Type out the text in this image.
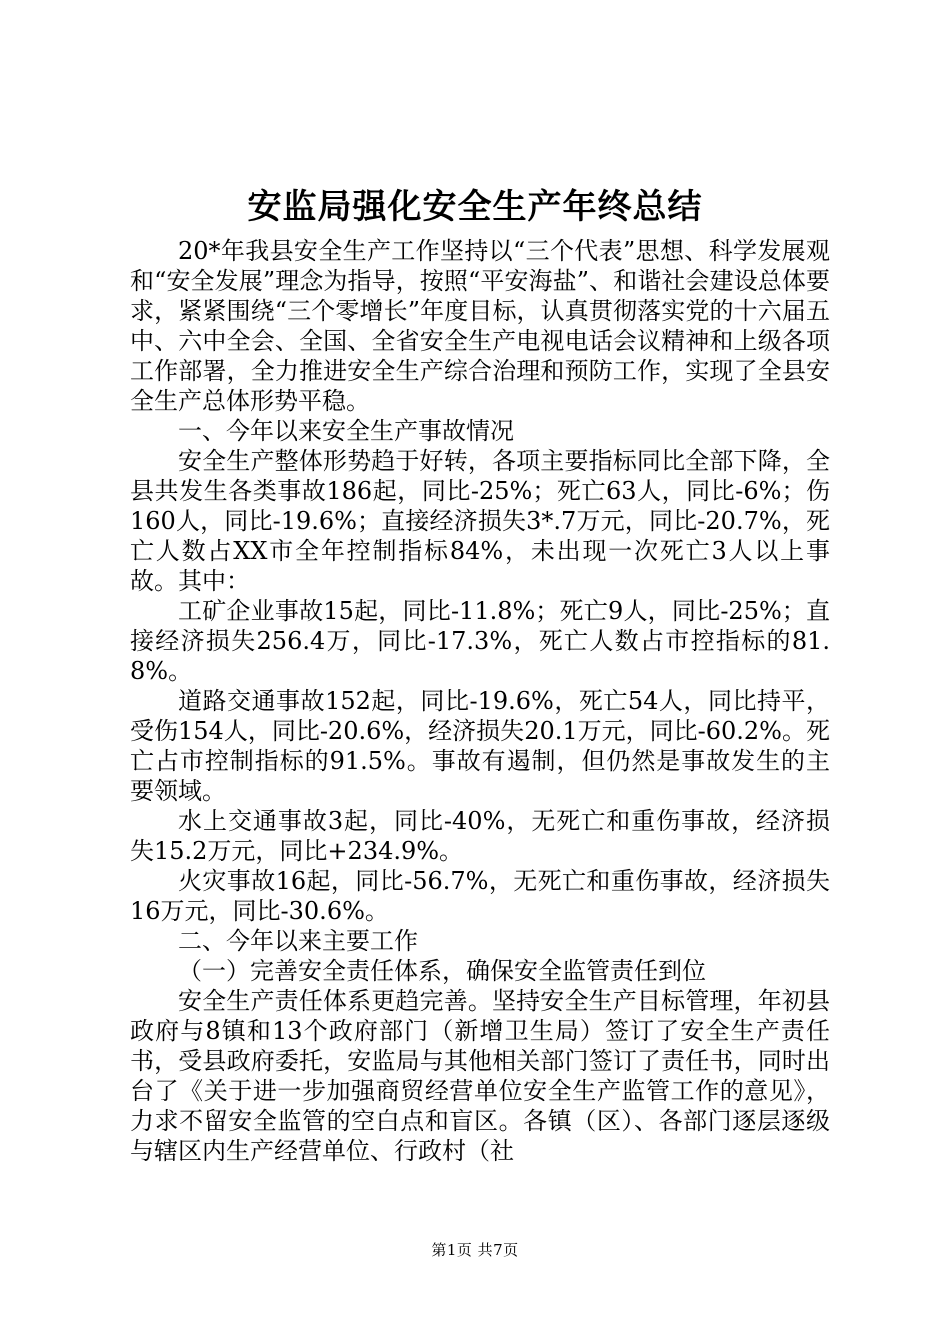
安监局强化安全生产年终总结

20*年我县安全生产工作坚持以“三个代表”思想、科学发展观和“安全发展”理念为指导，按照“平安海盐”、和谐社会建设总体要求，紧紧围绕“三个零增长”年度目标，认真贯彻落实党的十六届五中、六中全会、全国、全省安全生产电视电话会议精神和上级各项工作部署，全力推进安全生产综合治理和预防工作，实现了全县安全生产总体形势平稳。

一、今年以来安全生产事故情况

安全生产整体形势趋于好转，各项主要指标同比全部下降，全县共发生各类事故186起，同比-25%；死亡63人，同比-6%；伤160人，同比-19.6%；直接经济损失3*.7万元，同比-20.7%，死亡人数占XX市全年控制指标84%，未出现一次死亡3人以上事故。其中：

工矿企业事故15起，同比-11.8%；死亡9人，同比-25%；直接经济损失256.4万，同比-17.3%，死亡人数占市控指标的81.8%。

道路交通事故152起，同比-19.6%，死亡54人，同比持平，受伤154人，同比-20.6%，经济损失20.1万元，同比-60.2%。死亡占市控制指标的91.5%。事故有遏制，但仍然是事故发生的主要领域。

水上交通事故3起，同比-40%，无死亡和重伤事故，经济损失15.2万元，同比+234.9%。

火灾事故16起，同比-56.7%，无死亡和重伤事故，经济损失16万元，同比-30.6%。

二、今年以来主要工作

（一）完善安全责任体系，确保安全监管责任到位

安全生产责任体系更趋完善。坚持安全生产目标管理，年初县政府与8镇和13个政府部门（新增卫生局）签订了安全生产责任书，受县政府委托，安监局与其他相关部门签订了责任书，同时出台了《关于进一步加强商贸经营单位安全生产监管工作的意见》，力求不留安全监管的空白点和盲区。各镇（区）、各部门逐层逐级与辖区内生产经营单位、行政村（社

第1页 共7页
